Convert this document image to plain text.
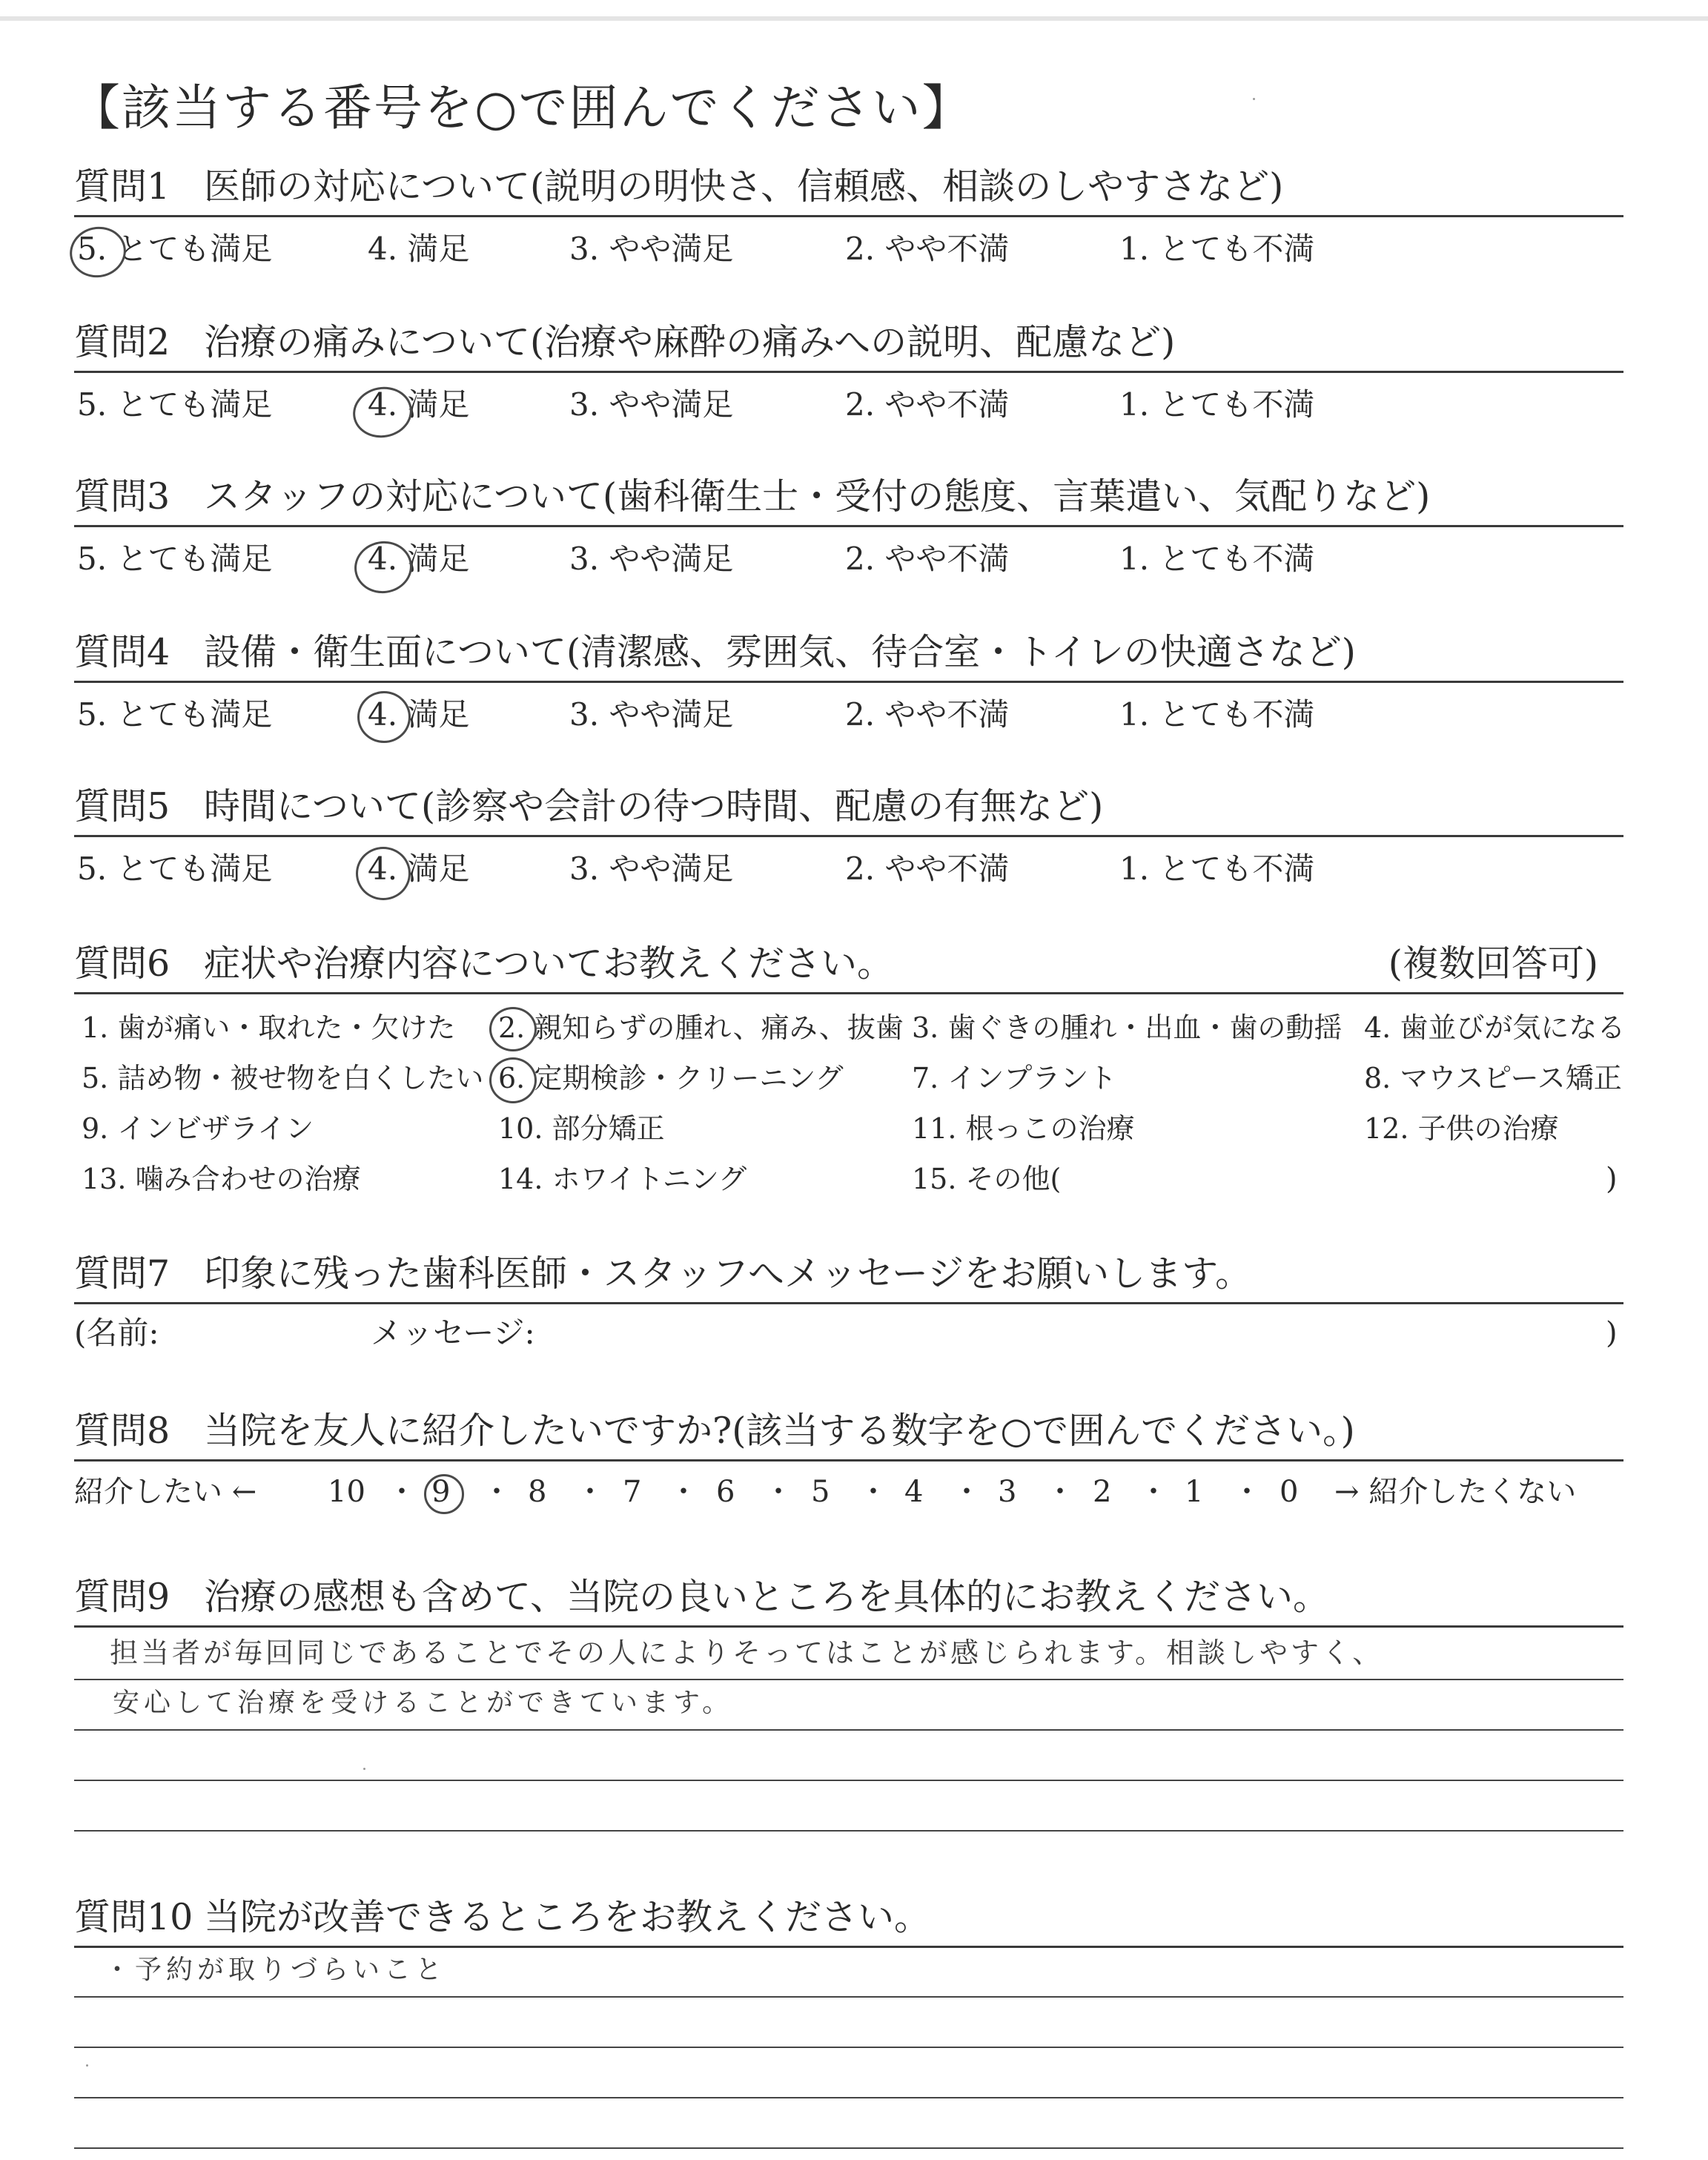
【該当する番号を○で囲んでください】
質問1 医師の対応について(説明の明快さ、信頼感、相談のしやすさなど)
5. とても満足	4. 満足	3. やや満足	2. やや不満	1. とても不満
質問2 治療の痛みについて(治療や麻酔の痛みへの説明、配慮など)
5. とても満足	4. 満足	3. やや満足	2. やや不満	1. とても不満
質問3 スタッフの対応について(歯科衛生士・受付の態度、言葉遣い、気配りなど)
5. とても満足	4. 満足	3. やや満足	2. やや不満	1. とても不満
質問4 設備・衛生面について(清潔感、雰囲気、待合室・トイレの快適さなど)
5. とても満足	4. 満足	3. やや満足	2. やや不満	1. とても不満
質問5 時間について(診察や会計の待つ時間、配慮の有無など)
5. とても満足	4. 満足	3. やや満足	2. やや不満	1. とても不満
質問6 症状や治療内容についてお教えください。	(複数回答可)
1. 歯が痛い・取れた・欠けた 2. 親知らずの腫れ、痛み、抜歯 3. 歯ぐきの腫れ・出血・歯の動揺 4. 歯並びが気になる
5. 詰め物・被せ物を白くしたい 6. 定期検診・クリーニング 7. インプラント	8. マウスピース矯正
9. インビザライン	10. 部分矯正	11. 根っこの治療	12. 子供の治療
13. 噛み合わせの治療	14. ホワイトニング	15. その他(	)
質問7 印象に残った歯科医師・スタッフへメッセージをお願いします。
(名前:	メッセージ:	)
質問8 当院を友人に紹介したいですか?(該当する数字を○で囲んでください。)
紹介したい ← 10 ・ 9 ・ 8 ・ 7 ・ 6 ・ 5 ・ 4 ・ 3 ・ 2 ・ 1 ・ 0 → 紹介したくない
質問9 治療の感想も含めて、当院の良いところを具体的にお教えください。
担当者が毎回同じであることでその人によりそってはことが感じられます。相談しやすく、
安心して治療を受けることができています。
質問10 当院が改善できるところをお教えください。
・予約が取りづらいこと
